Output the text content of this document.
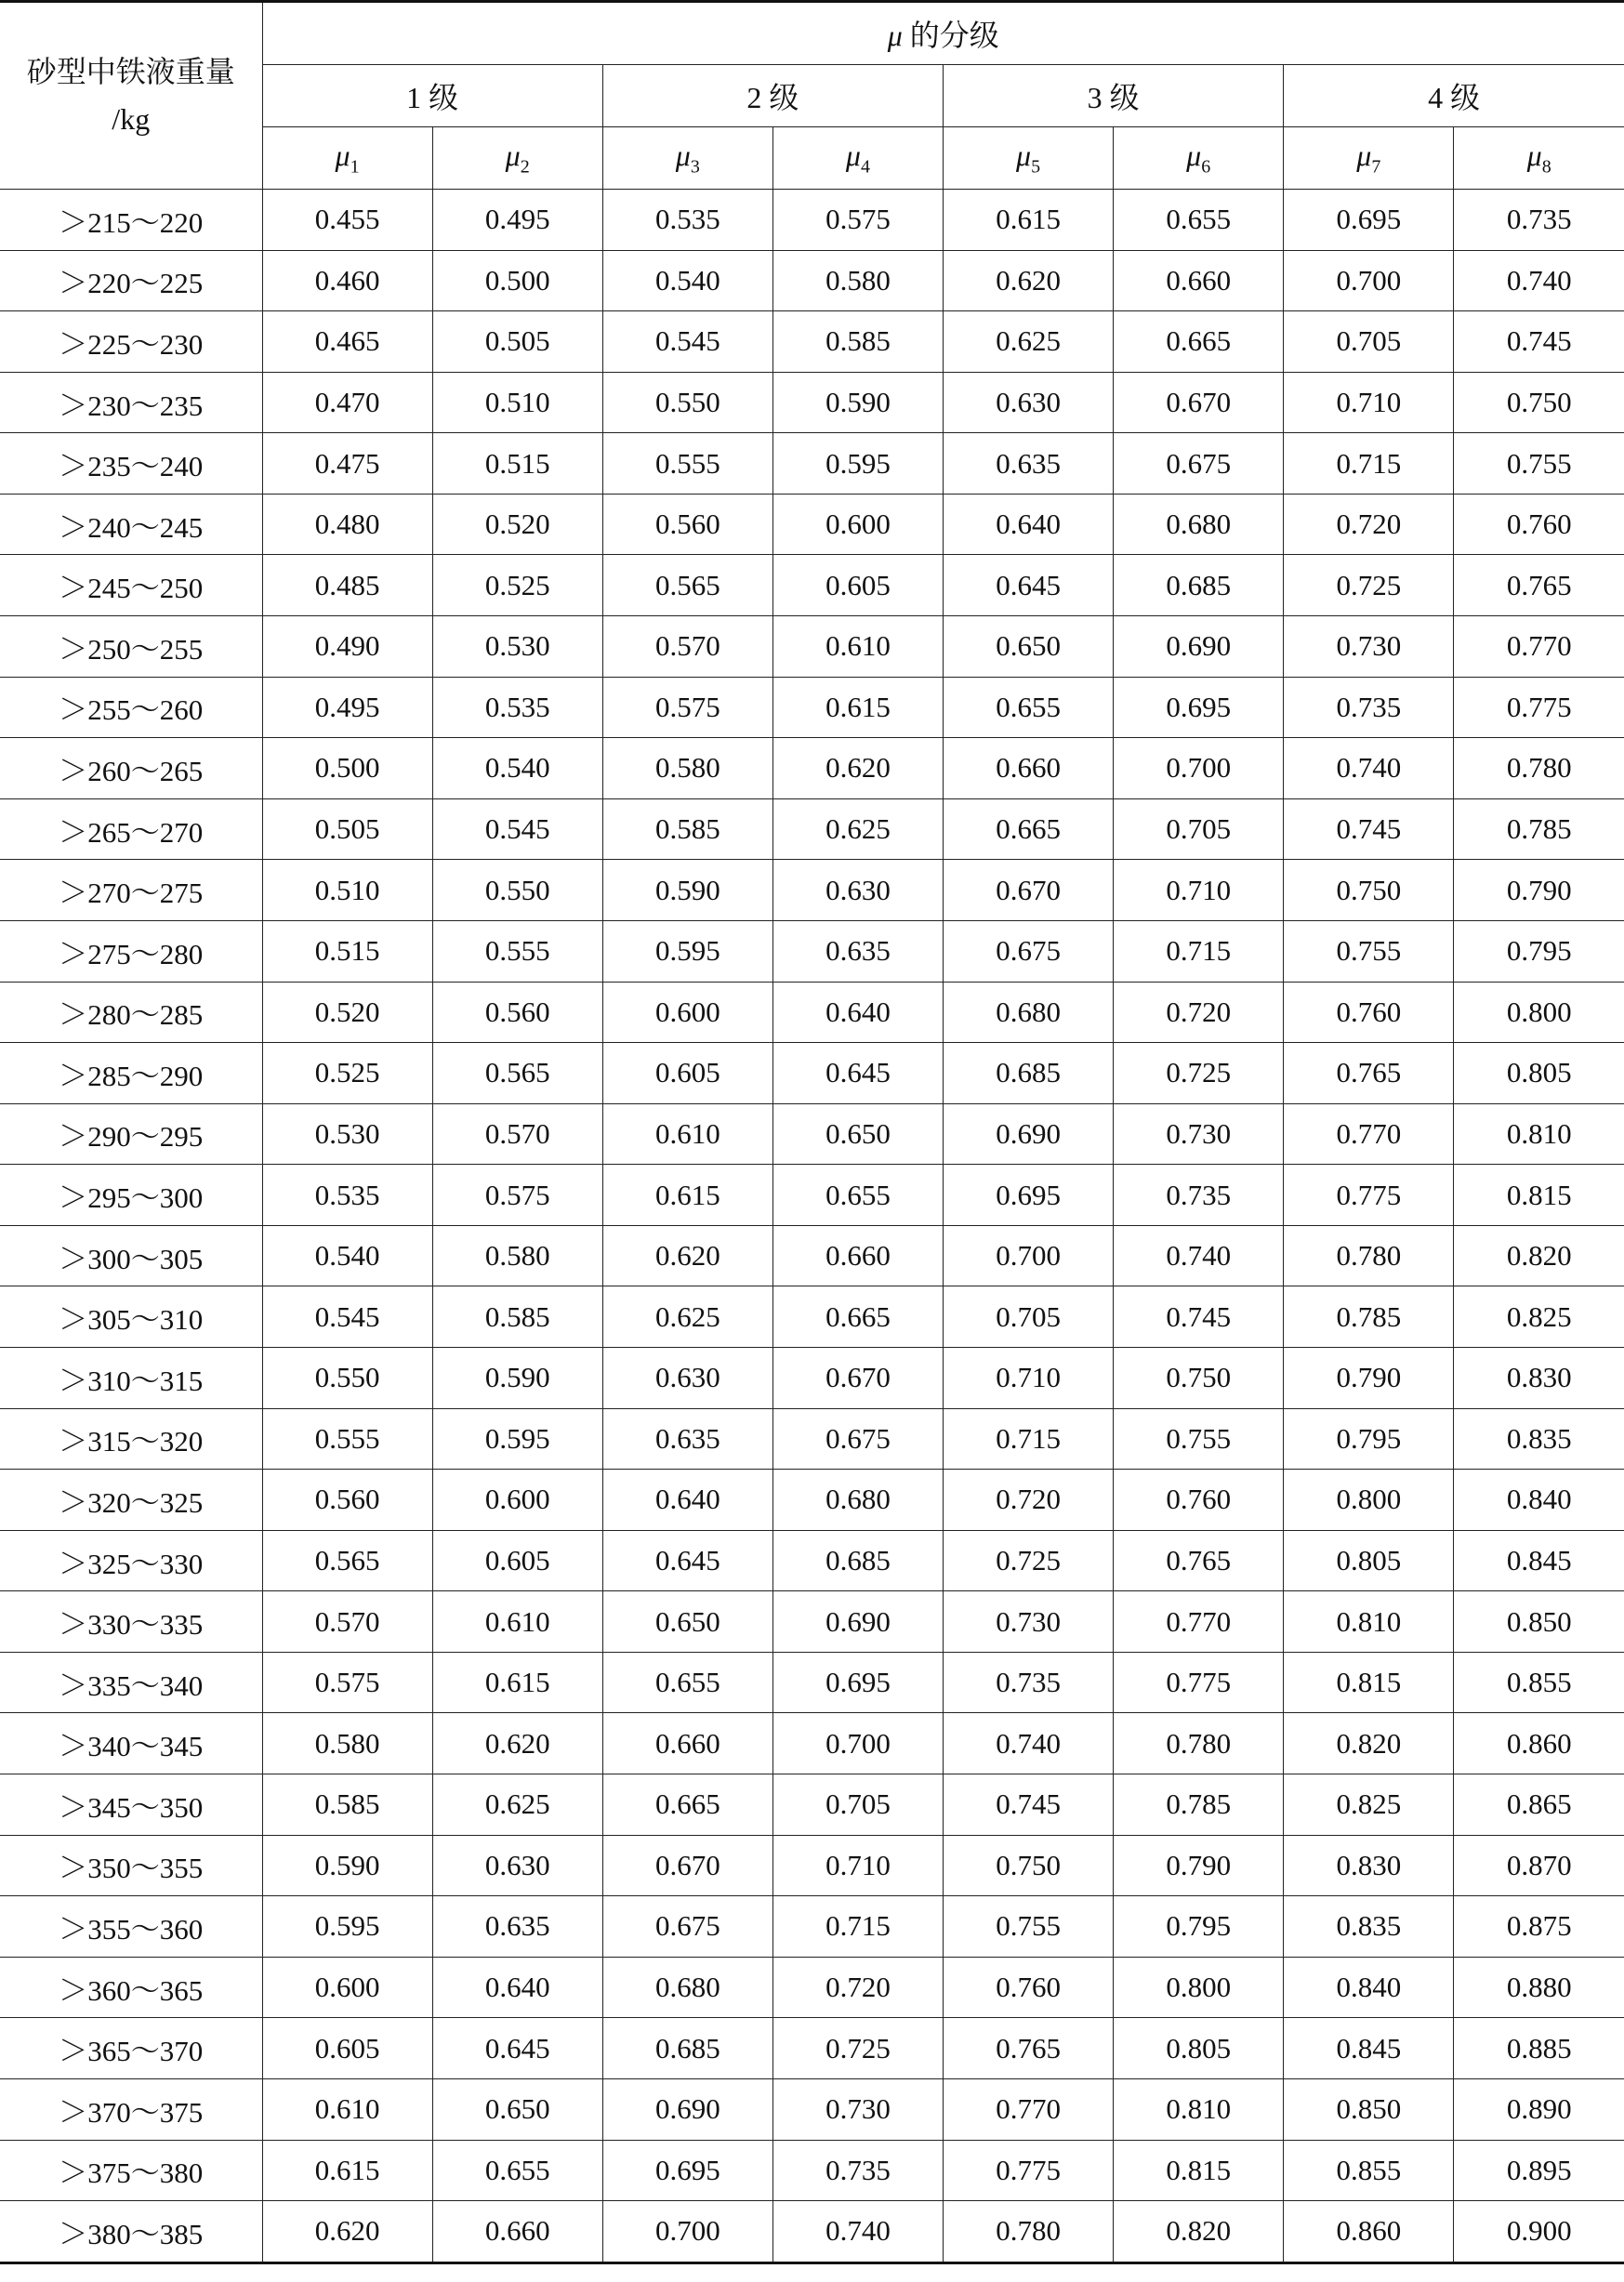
砂型中铁液重量
/kg	μ 的分级							
	1 级		2 级		3 级		4 级	
	$\mu_1$	$\mu_2$	$\mu_3$	$\mu_4$	$\mu_5$	$\mu_6$	$\mu_7$	$\mu_8$
＞215～220	0.455	0.495	0.535	0.575	0.615	0.655	0.695	0.735
＞220～225	0.460	0.500	0.540	0.580	0.620	0.660	0.700	0.740
＞225～230	0.465	0.505	0.545	0.585	0.625	0.665	0.705	0.745
＞230～235	0.470	0.510	0.550	0.590	0.630	0.670	0.710	0.750
＞235～240	0.475	0.515	0.555	0.595	0.635	0.675	0.715	0.755
＞240～245	0.480	0.520	0.560	0.600	0.640	0.680	0.720	0.760
＞245～250	0.485	0.525	0.565	0.605	0.645	0.685	0.725	0.765
＞250～255	0.490	0.530	0.570	0.610	0.650	0.690	0.730	0.770
＞255～260	0.495	0.535	0.575	0.615	0.655	0.695	0.735	0.775
＞260～265	0.500	0.540	0.580	0.620	0.660	0.700	0.740	0.780
＞265～270	0.505	0.545	0.585	0.625	0.665	0.705	0.745	0.785
＞270～275	0.510	0.550	0.590	0.630	0.670	0.710	0.750	0.790
＞275～280	0.515	0.555	0.595	0.635	0.675	0.715	0.755	0.795
＞280～285	0.520	0.560	0.600	0.640	0.680	0.720	0.760	0.800
＞285～290	0.525	0.565	0.605	0.645	0.685	0.725	0.765	0.805
＞290～295	0.530	0.570	0.610	0.650	0.690	0.730	0.770	0.810
＞295～300	0.535	0.575	0.615	0.655	0.695	0.735	0.775	0.815
＞300～305	0.540	0.580	0.620	0.660	0.700	0.740	0.780	0.820
＞305～310	0.545	0.585	0.625	0.665	0.705	0.745	0.785	0.825
＞310～315	0.550	0.590	0.630	0.670	0.710	0.750	0.790	0.830
＞315～320	0.555	0.595	0.635	0.675	0.715	0.755	0.795	0.835
＞320～325	0.560	0.600	0.640	0.680	0.720	0.760	0.800	0.840
＞325～330	0.565	0.605	0.645	0.685	0.725	0.765	0.805	0.845
＞330～335	0.570	0.610	0.650	0.690	0.730	0.770	0.810	0.850
＞335～340	0.575	0.615	0.655	0.695	0.735	0.775	0.815	0.855
＞340～345	0.580	0.620	0.660	0.700	0.740	0.780	0.820	0.860
＞345～350	0.585	0.625	0.665	0.705	0.745	0.785	0.825	0.865
＞350～355	0.590	0.630	0.670	0.710	0.750	0.790	0.830	0.870
＞355～360	0.595	0.635	0.675	0.715	0.755	0.795	0.835	0.875
＞360～365	0.600	0.640	0.680	0.720	0.760	0.800	0.840	0.880
＞365～370	0.605	0.645	0.685	0.725	0.765	0.805	0.845	0.885
＞370～375	0.610	0.650	0.690	0.730	0.770	0.810	0.850	0.890
＞375～380	0.615	0.655	0.695	0.735	0.775	0.815	0.855	0.895
＞380～385	0.620	0.660	0.700	0.740	0.780	0.820	0.860	0.900
